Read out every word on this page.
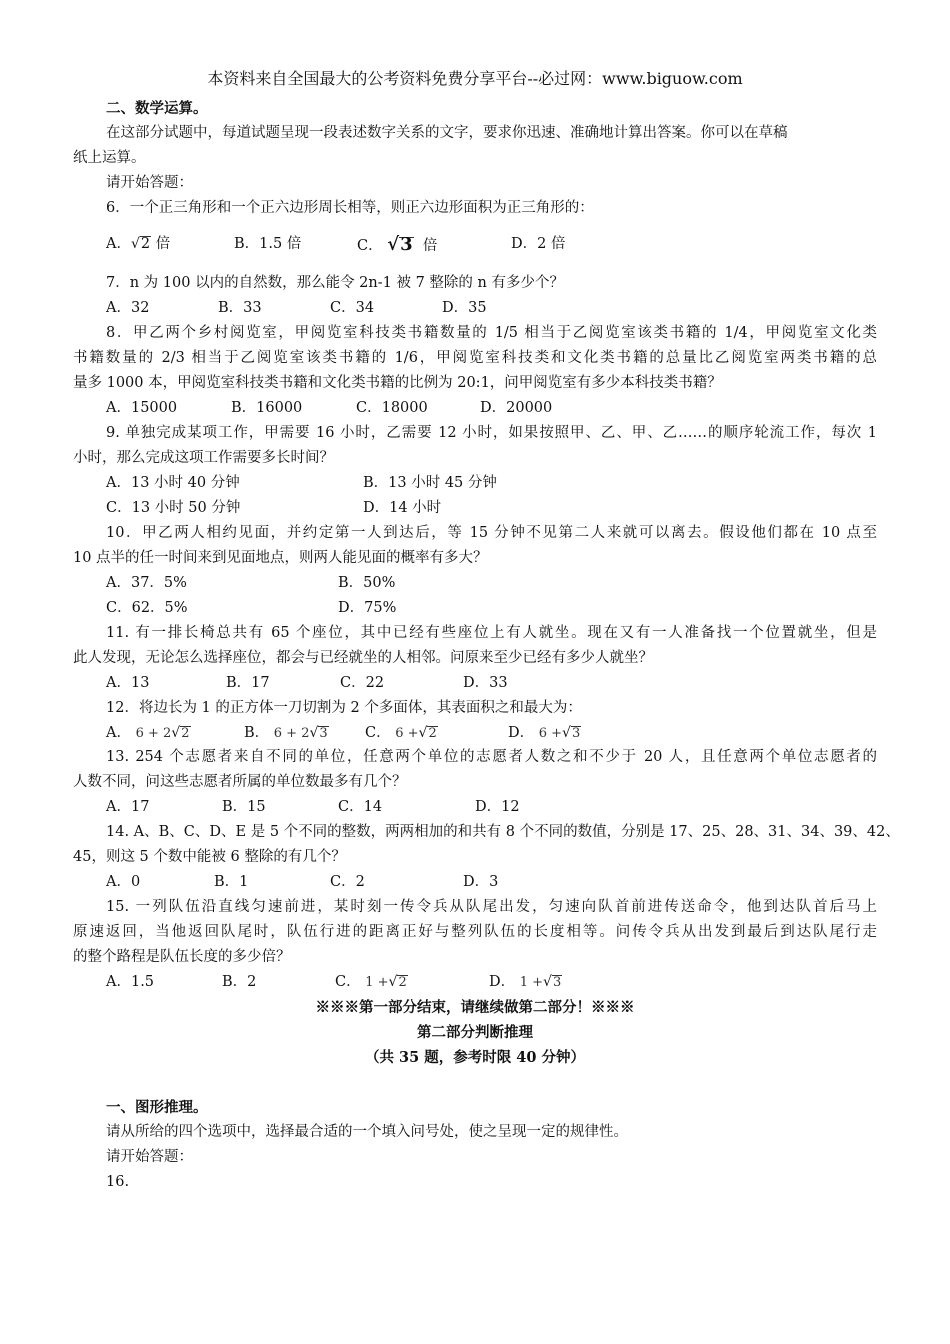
本资料来自全国最大的公考资料免费分享平台--必过网：www.biguow.com
二、数学运算。
在这部分试题中，每道试题呈现一段表述数字关系的文字，要求你迅速、准确地计算出答案。你可以在草稿
纸上运算。
请开始答题：
6．一个正三角形和一个正六边形周长相等，则正六边形面积为正三角形的：
A．√2 倍	B．1.5 倍	C． √3 倍	D．2 倍
7．n 为 100 以内的自然数，那么能令 2n-1 被 7 整除的 n 有多少个？
A．32	B．33	C．34	D．35
8．甲乙两个乡村阅览室，甲阅览室科技类书籍数量的 1/5 相当于乙阅览室该类书籍的 1/4，甲阅览室文化类
书籍数量的 2/3 相当于乙阅览室该类书籍的 1/6，甲阅览室科技类和文化类书籍的总量比乙阅览室两类书籍的总
量多 1000 本，甲阅览室科技类书籍和文化类书籍的比例为 20:1，问甲阅览室有多少本科技类书籍？
A．15000	B．16000	C．18000	D．20000
9. 单独完成某项工作，甲需要 16 小时，乙需要 12 小时，如果按照甲、乙、甲、乙……的顺序轮流工作，每次 1
小时，那么完成这项工作需要多长时间？
A．13 小时 40 分钟	B．13 小时 45 分钟
C．13 小时 50 分钟	D．14 小时
10．甲乙两人相约见面，并约定第一人到达后，等 15 分钟不见第二人来就可以离去。假设他们都在 10 点至
10 点半的任一时间来到见面地点，则两人能见面的概率有多大？
A．37．5%	B．50%
C．62．5%	D．75%
11. 有一排长椅总共有 65 个座位，其中已经有些座位上有人就坐。现在又有一人准备找一个位置就坐，但是
此人发现，无论怎么选择座位，都会与已经就坐的人相邻。问原来至少已经有多少人就坐？
A．13	B．17	C．22	D．33
12．将边长为 1 的正方体一刀切割为 2 个多面体，其表面积之和最大为：
A． 6 + 2√2	B． 6 + 2√3	C． 6 +√2	D． 6 +√3
13. 254 个志愿者来自不同的单位，任意两个单位的志愿者人数之和不少于 20 人，且任意两个单位志愿者的
人数不同，问这些志愿者所属的单位数最多有几个？
A．17	B．15	C．14	D．12
14. A、B、C、D、E 是 5 个不同的整数，两两相加的和共有 8 个不同的数值，分别是 17、25、28、31、34、39、42、
45，则这 5 个数中能被 6 整除的有几个？
A．0	B．1	C．2	D．3
15. 一列队伍沿直线匀速前进，某时刻一传令兵从队尾出发，匀速向队首前进传送命令，他到达队首后马上
原速返回，当他返回队尾时，队伍行进的距离正好与整列队伍的长度相等。问传令兵从出发到最后到达队尾行走
的整个路程是队伍长度的多少倍？
A．1.5	B．2	C． 1 +√2	D． 1 +√3
※※※第一部分结束，请继续做第二部分！※※※
第二部分判断推理
（共 35 题，参考时限 40 分钟）
一、图形推理。
请从所给的四个选项中，选择最合适的一个填入问号处，使之呈现一定的规律性。
请开始答题：
16.
